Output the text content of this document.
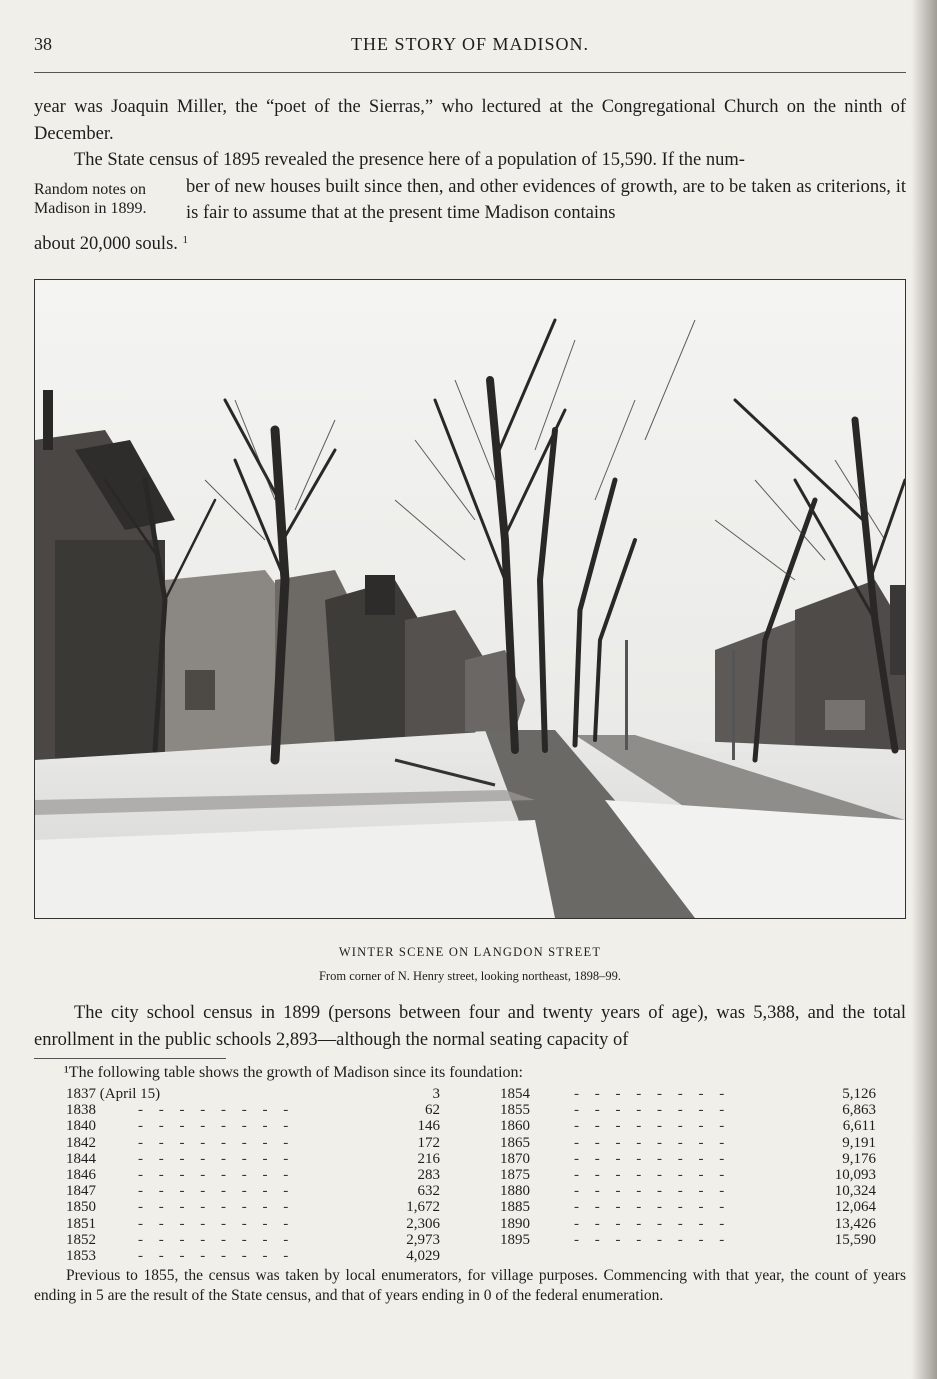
38	THE STORY OF MADISON.
year was Joaquin Miller, the “poet of the Sierras,” who lectured at the Congregational Church on the ninth of December.
Random notes on Madison in 1899.
The State census of 1895 revealed the presence here of a population of 15,590. If the num-
ber of new houses built since then, and other evidences of growth, are to be taken as criterions, it is fair to assume that at the present time Madison contains
about 20,000 souls. $^1$
WINTER SCENE ON LANGDON STREET
From corner of N. Henry street, looking northeast, 1898–99.
The city school census in 1899 (persons between four and twenty years of age), was 5,388, and the total enrollment in the public schools 2,893—although the normal seating capacity of
¹The following table shows the growth of Madison since its foundation:
1837 (April 15)	3
1838	- - - - - - - -	62
1840	- - - - - - - -	146
1842	- - - - - - - -	172
1844	- - - - - - - -	216
1846	- - - - - - - -	283
1847	- - - - - - - -	632
1850	- - - - - - - -	1,672
1851	- - - - - - - -	2,306
1852	- - - - - - - -	2,973
1853	- - - - - - - -	4,029
1854	- - - - - - - -	5,126
1855	- - - - - - - -	6,863
1860	- - - - - - - -	6,611
1865	- - - - - - - -	9,191
1870	- - - - - - - -	9,176
1875	- - - - - - - -	10,093
1880	- - - - - - - -	10,324
1885	- - - - - - - -	12,064
1890	- - - - - - - -	13,426
1895	- - - - - - - -	15,590
Previous to 1855, the census was taken by local enumerators, for village purposes. Commencing with that year, the count of years ending in 5 are the result of the State census, and that of years ending in 0 of the federal enumeration.
